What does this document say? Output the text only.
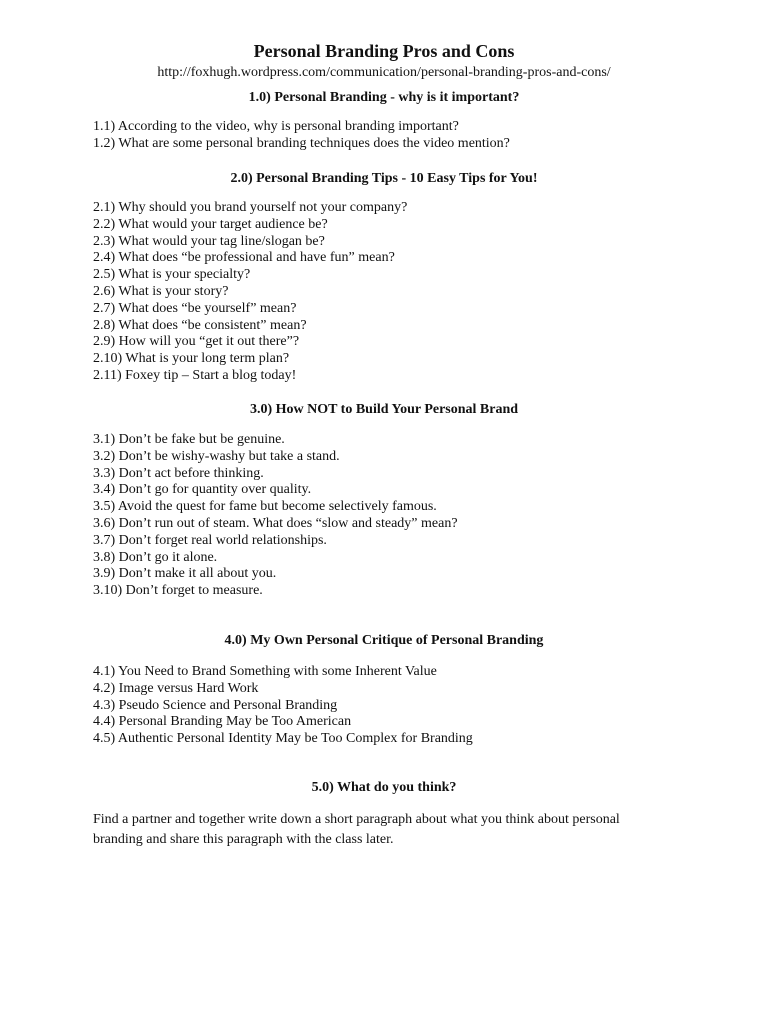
Personal Branding Pros and Cons
http://foxhugh.wordpress.com/communication/personal-branding-pros-and-cons/
1.0) Personal Branding - why is it important?
1.1) According to the video, why is personal branding important?
1.2) What are some personal branding techniques does the video mention?
2.0) Personal Branding Tips - 10 Easy Tips for You!
2.1) Why should you brand yourself not your company?
2.2) What would your target audience be?
2.3) What would your tag line/slogan be?
2.4) What does “be professional and have fun” mean?
2.5) What is your specialty?
2.6) What is your story?
2.7) What does “be yourself” mean?
2.8) What does “be consistent” mean?
2.9) How will you “get it out there”?
2.10) What is your long term plan?
2.11) Foxey tip – Start a blog today!
3.0) How NOT to Build Your Personal Brand
3.1) Don’t be fake but be genuine.
3.2) Don’t be wishy-washy but take a stand.
3.3) Don’t act before thinking.
3.4) Don’t go for quantity over quality.
3.5) Avoid the quest for fame but become selectively famous.
3.6) Don’t run out of steam. What does “slow and steady” mean?
3.7) Don’t forget real world relationships.
3.8) Don’t go it alone.
3.9) Don’t make it all about you.
3.10) Don’t forget to measure.
4.0) My Own Personal Critique of Personal Branding
4.1) You Need to Brand Something with some Inherent Value
4.2) Image versus Hard Work
4.3) Pseudo Science and Personal Branding
4.4) Personal Branding May be Too American
4.5) Authentic Personal Identity May be Too Complex for Branding
5.0) What do you think?

Find a partner and together write down a short paragraph about what you think about personal branding and share this paragraph with the class later.
